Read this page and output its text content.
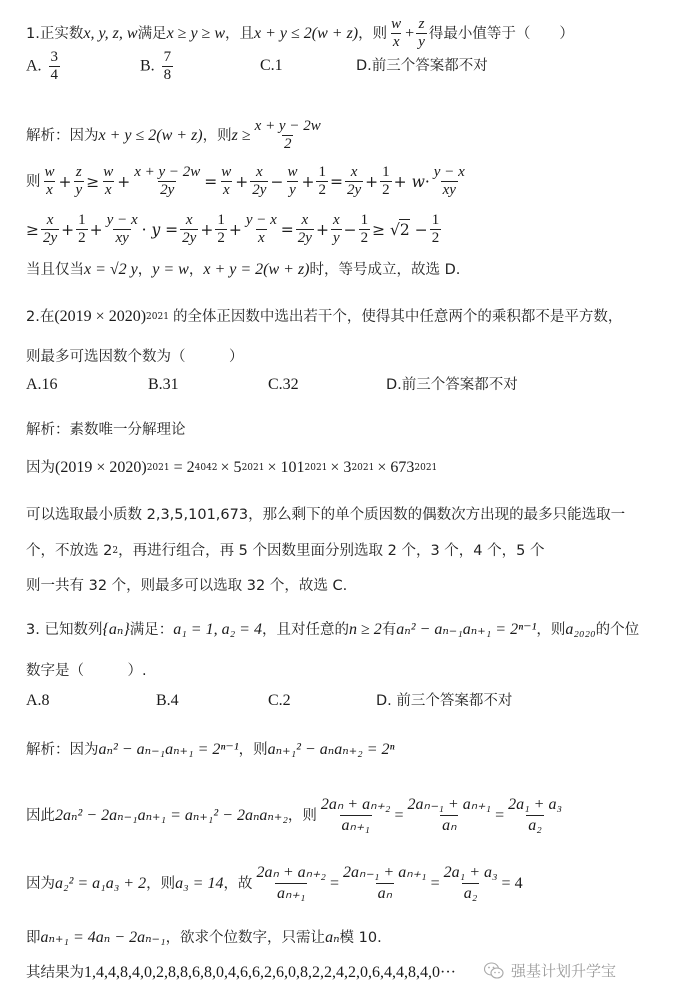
1.正实数 x, y, z, w 满足 x ≥ y ≥ w ，且 x + y ≤ 2(w + z) ，则 $\frac{w}{x} + \frac{z}{y}$ 得最小值等于（　　）
A. $\frac{3}{4}$	B. $\frac{7}{8}$	C.1	D.前三个答案都不对
解析：因为 x + y ≤ 2(w + z) ，则 $z \ge \frac{x + y - 2w}{2}$
则 $\frac{w}{x} + \frac{z}{y} \ge \frac{w}{x} + \frac{x + y - 2w}{2y} = \frac{w}{x} + \frac{x}{2y} - \frac{w}{y} + \frac{1}{2} = \frac{x}{2y} + \frac{1}{2} + w \cdot \frac{y - x}{xy}$
≥ $\frac{x}{2y} + \frac{1}{2} + \frac{y - x}{xy} \cdot y = \frac{x}{2y} + \frac{1}{2} + \frac{y - x}{x} = \frac{x}{2y} + \frac{x}{y} - \frac{1}{2}$ ≥ √ $2 - \frac{1}{2}$
当且仅当 x = √2 y ， y = w ， x + y = 2(w + z) 时，等号成立，故选 D.
2.在 (2019 × 2020) 2021 的全体正因数中选出若干个，使得其中任意两个的乘积都不是平方数，
则最多可选因数个数为（　　　）
A.16	B.31	C.32	D.前三个答案都不对
解析：素数唯一分解理论
因为 (2019 × 2020) 2021 = 2 4042 × 5 2021 × 101 2021 × 3 2021 × 673 2021
可以选取最小质数 2,3,5,101,673，那么剩下的单个质因数的偶数次方出现的最多只能选取一
个，不放选 2 2 ，再进行组合，再 5 个因数里面分别选取 2 个，3 个，4 个，5 个
则一共有 32 个，则最多可以选取 32 个，故选 C.
3. 已知数列 {aₙ} 满足： a₁ = 1, a₂ = 4 ，且对任意的 n ≥ 2 有 aₙ² − aₙ₋₁aₙ₊₁ = 2ⁿ⁻¹ ，则 a₂₀₂₀ 的个位
数字是（　　　）.
A.8	B.4	C.2	D. 前三个答案都不对
解析：因为 aₙ² − aₙ₋₁aₙ₊₁ = 2ⁿ⁻¹ ，则 aₙ₊₁² − aₙaₙ₊₂ = 2ⁿ
因此 2aₙ² − 2aₙ₋₁aₙ₊₁ = aₙ₊₁² − 2aₙaₙ₊₂ ，则 $\frac{\text{2aₙ + aₙ₊₂}}{\text{aₙ₊₁}} = \frac{\text{2aₙ₋₁ + aₙ₊₁}}{\text{aₙ}} = \frac{\text{2a₁ + a₃}}{\text{a₂}}$
因为 a₂² = a₁a₃ + 2 ，则 a₃ = 14 ，故 $\frac{\text{2aₙ + aₙ₊₂}}{\text{aₙ₊₁}} = \frac{\text{2aₙ₋₁ + aₙ₊₁}}{\text{aₙ}} = \frac{\text{2a₁ + a₃}}{\text{a₂}} = 4$
即 aₙ₊₁ = 4aₙ − 2aₙ₋₁ ，欲求个位数字，只需让 aₙ 模 10.
其结果为 1,4,4,8,4,0,2,8,8,6,8,0,4,6,6,2,6,0,8,2,2,4,2,0,6,4,4,8,4,0···	强基计划升学宝
